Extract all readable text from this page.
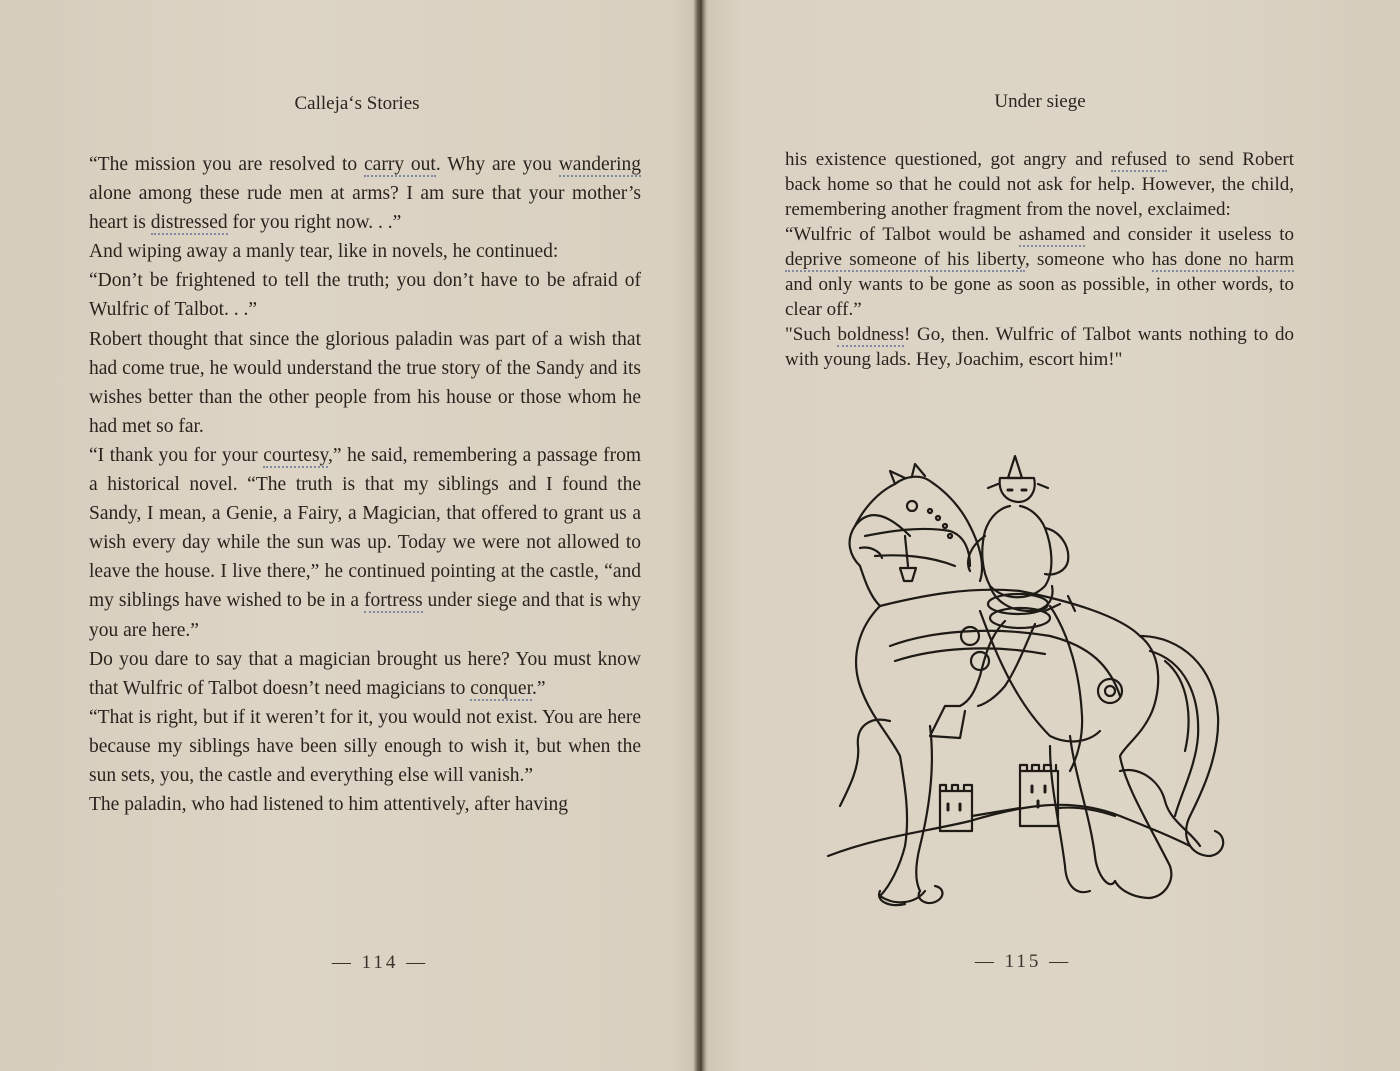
Calleja‘s Stories

“The mission you are resolved to carry out. Why are you wandering alone among these rude men at arms? I am sure that your mother’s heart is distressed for you right now. . .”

And wiping away a manly tear, like in novels, he continued:

“Don’t be frightened to tell the truth; you don’t have to be afraid of Wulfric of Talbot. . .”

Robert thought that since the glorious paladin was part of a wish that had come true, he would understand the true story of the Sandy and its wishes better than the other people from his house or those whom he had met so far.

“I thank you for your courtesy,” he said, remembering a passage from a historical novel. “The truth is that my siblings and I found the Sandy, I mean, a Genie, a Fairy, a Magician, that offered to grant us a wish every day while the sun was up. Today we were not allowed to leave the house. I live there,” he continued pointing at the castle, “and my siblings have wished to be in a fortress under siege and that is why you are here.”

Do you dare to say that a magician brought us here? You must know that Wulfric of Talbot doesn’t need magicians to conquer.”

“That is right, but if it weren’t for it, you would not exist. You are here because my siblings have been silly enough to wish it, but when the sun sets, you, the castle and everything else will vanish.”

The paladin, who had listened to him attentively, after having

— 114 —
Under siege

his existence questioned, got angry and refused to send Robert back home so that he could not ask for help. However, the child, remembering another fragment from the novel, exclaimed:

“Wulfric of Talbot would be ashamed and consider it useless to deprive someone of his liberty, someone who has done no harm and only wants to be gone as soon as possible, in other words, to clear off.”

"Such boldness! Go, then. Wulfric of Talbot wants nothing to do with young lads. Hey, Joachim, escort him!"

— 115 —
